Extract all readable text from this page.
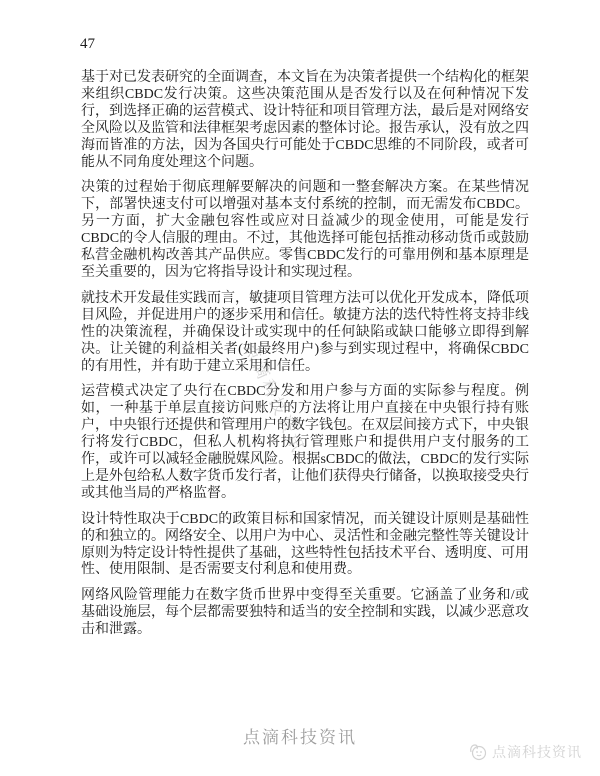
47

基于对已发表研究的全面调查，本文旨在为决策者提供一个结构化的框架来组织CBDC发行决策。这些决策范围从是否发行以及在何种情况下发行，到选择正确的运营模式、设计特征和项目管理方法，最后是对网络安全风险以及监管和法律框架考虑因素的整体讨论。报告承认，没有放之四海而皆准的方法，因为各国央行可能处于CBDC思维的不同阶段，或者可能从不同角度处理这个问题。

决策的过程始于彻底理解要解决的问题和一整套解决方案。在某些情况下，部署快速支付可以增强对基本支付系统的控制，而无需发布CBDC。另一方面，扩大金融包容性或应对日益减少的现金使用，可能是发行CBDC的令人信服的理由。不过，其他选择可能包括推动移动货币或鼓励私营金融机构改善其产品供应。零售CBDC发行的可靠用例和基本原理是至关重要的，因为它将指导设计和实现过程。

就技术开发最佳实践而言，敏捷项目管理方法可以优化开发成本，降低项目风险，并促进用户的逐步采用和信任。敏捷方法的迭代特性将支持非线性的决策流程，并确保设计或实现中的任何缺陷或缺口能够立即得到解决。让关键的利益相关者(如最终用户)参与到实现过程中，将确保CBDC的有用性，并有助于建立采用和信任。

运营模式决定了央行在CBDC分发和用户参与方面的实际参与程度。例如，一种基于单层直接访问账户的方法将让用户直接在中央银行持有账户，中央银行还提供和管理用户的数字钱包。在双层间接方式下，中央银行将发行CBDC，但私人机构将执行管理账户和提供用户支付服务的工作，或许可以减轻金融脱媒风险。根据sCBDC的做法，CBDC的发行实际上是外包给私人数字货币发行者，让他们获得央行储备，以换取接受央行或其他当局的严格监督。

设计特性取决于CBDC的政策目标和国家情况，而关键设计原则是基础性的和独立的。网络安全、以用户为中心、灵活性和金融完整性等关键设计原则为特定设计特性提供了基础，这些特性包括技术平台、透明度、可用性、使用限制、是否需要支付利息和使用费。

网络风险管理能力在数字货币世界中变得至关重要。它涵盖了业务和/或基础设施层，每个层都需要独特和适当的安全控制和实践，以减少恶意攻击和泄露。

点滴科技资讯
点滴科技资讯
点滴科技资讯
